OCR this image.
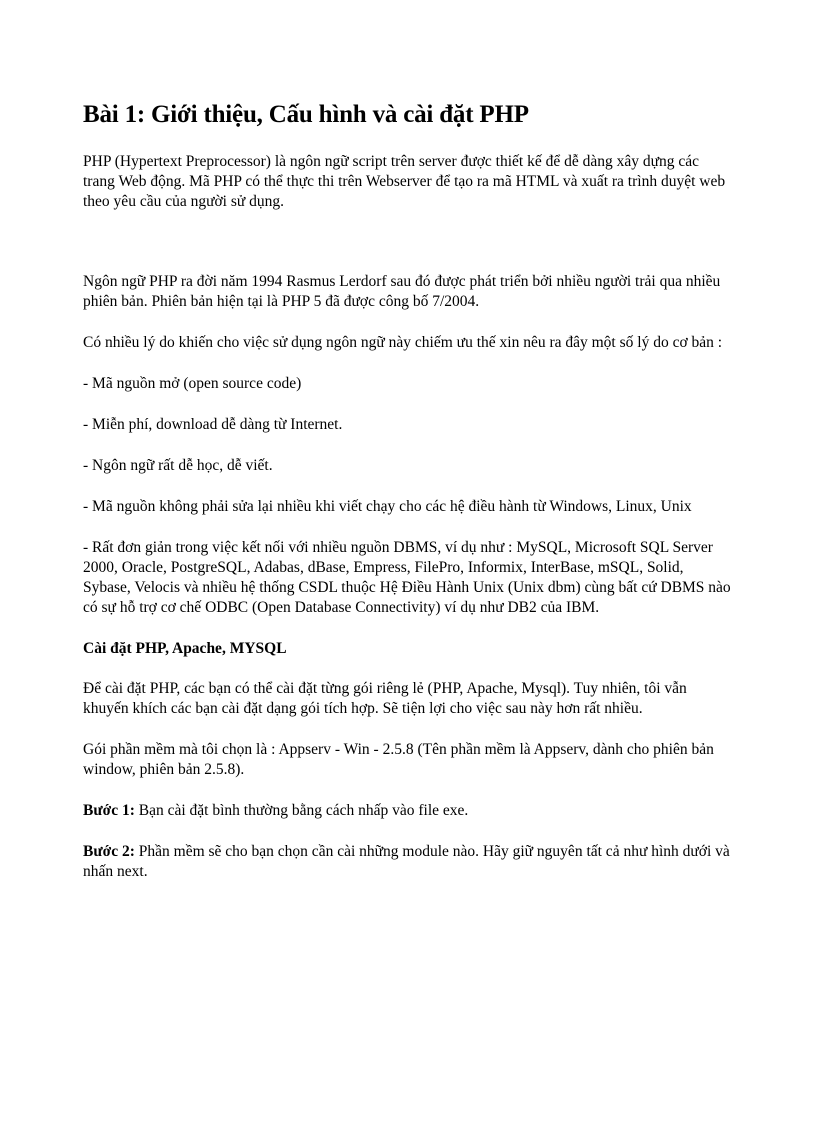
Bài 1: Giới thiệu, Cấu hình và cài đặt PHP

PHP (Hypertext Preprocessor) là ngôn ngữ script trên server được thiết kế để dễ dàng xây dựng các trang Web động. Mã PHP có thể thực thi trên Webserver để tạo ra mã HTML và xuất ra trình duyệt web theo yêu cầu của người sử dụng.

Ngôn ngữ PHP ra đời năm 1994 Rasmus Lerdorf sau đó được phát triển bởi nhiều người trải qua nhiều phiên bản. Phiên bản hiện tại là PHP 5 đã được công bố 7/2004.

Có nhiều lý do khiến cho việc sử dụng ngôn ngữ này chiếm ưu thế xin nêu ra đây một số lý do cơ bản :

- Mã nguồn mở (open source code)

- Miễn phí, download dễ dàng từ Internet.

- Ngôn ngữ rất dễ học, dễ viết.

- Mã nguồn không phải sửa lại nhiều khi viết chạy cho các hệ điều hành từ Windows, Linux, Unix

- Rất đơn giản trong việc kết nối với nhiều nguồn DBMS, ví dụ như : MySQL, Microsoft SQL Server 2000, Oracle, PostgreSQL, Adabas, dBase, Empress, FilePro, Informix, InterBase, mSQL, Solid, Sybase, Velocis và nhiều hệ thống CSDL thuộc Hệ Điều Hành Unix (Unix dbm) cùng bất cứ DBMS nào có sự hỗ trợ cơ chế ODBC (Open Database Connectivity) ví dụ như DB2 của IBM.

Cài đặt PHP, Apache, MYSQL

Để cài đặt PHP, các bạn có thể cài đặt từng gói riêng lẻ (PHP, Apache, Mysql). Tuy nhiên, tôi vẫn khuyến khích các bạn cài đặt dạng gói tích hợp. Sẽ tiện lợi cho việc sau này hơn rất nhiều.

Gói phần mềm mà tôi chọn là : Appserv - Win - 2.5.8 (Tên phần mềm là Appserv, dành cho phiên bản window, phiên bản 2.5.8).

Bước 1: Bạn cài đặt bình thường bằng cách nhấp vào file exe.

Bước 2: Phần mềm sẽ cho bạn chọn cần cài những module nào. Hãy giữ nguyên tất cả như hình dưới và nhấn next.
